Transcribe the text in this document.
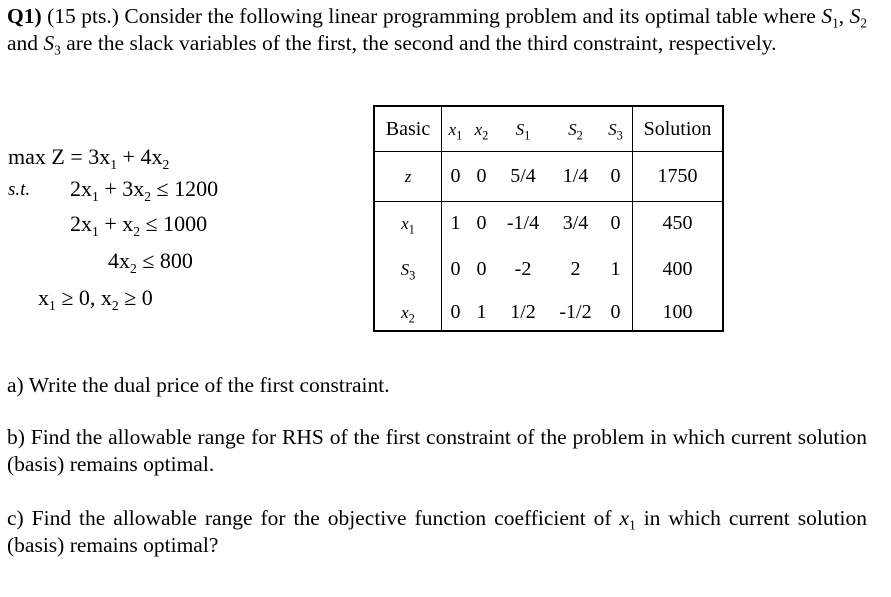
Q1) (15 pts.) Consider the following linear programming problem and its optimal table where $S_1$, $S_2$ and $S_3$ are the slack variables of the first, the second and the third constraint, respectively.

$\max Z = 3x_1 + 4x_2$
s.t. $2x_1 + 3x_2 \le 1200$
$2x_1 + x_2 \le 1000$
$4x_2 \le 800$
$x_1 \ge 0$, $x_2 \ge 0$
Basic	$x_1$	$x_2$	$S_1$	$S_2$	$S_3$	Solution
z	0	0	5/4	1/4	0	1750
$x_1$	1	0	-1/4	3/4	0	450
$S_3$	0	0	-2	2	1	400
$x_2$	0	1	1/2	-1/2	0	100

a) Write the dual price of the first constraint.

b) Find the allowable range for RHS of the first constraint of the problem in which current solution (basis) remains optimal.

c) Find the allowable range for the objective function coefficient of $x_1$ in which current solution (basis) remains optimal?
